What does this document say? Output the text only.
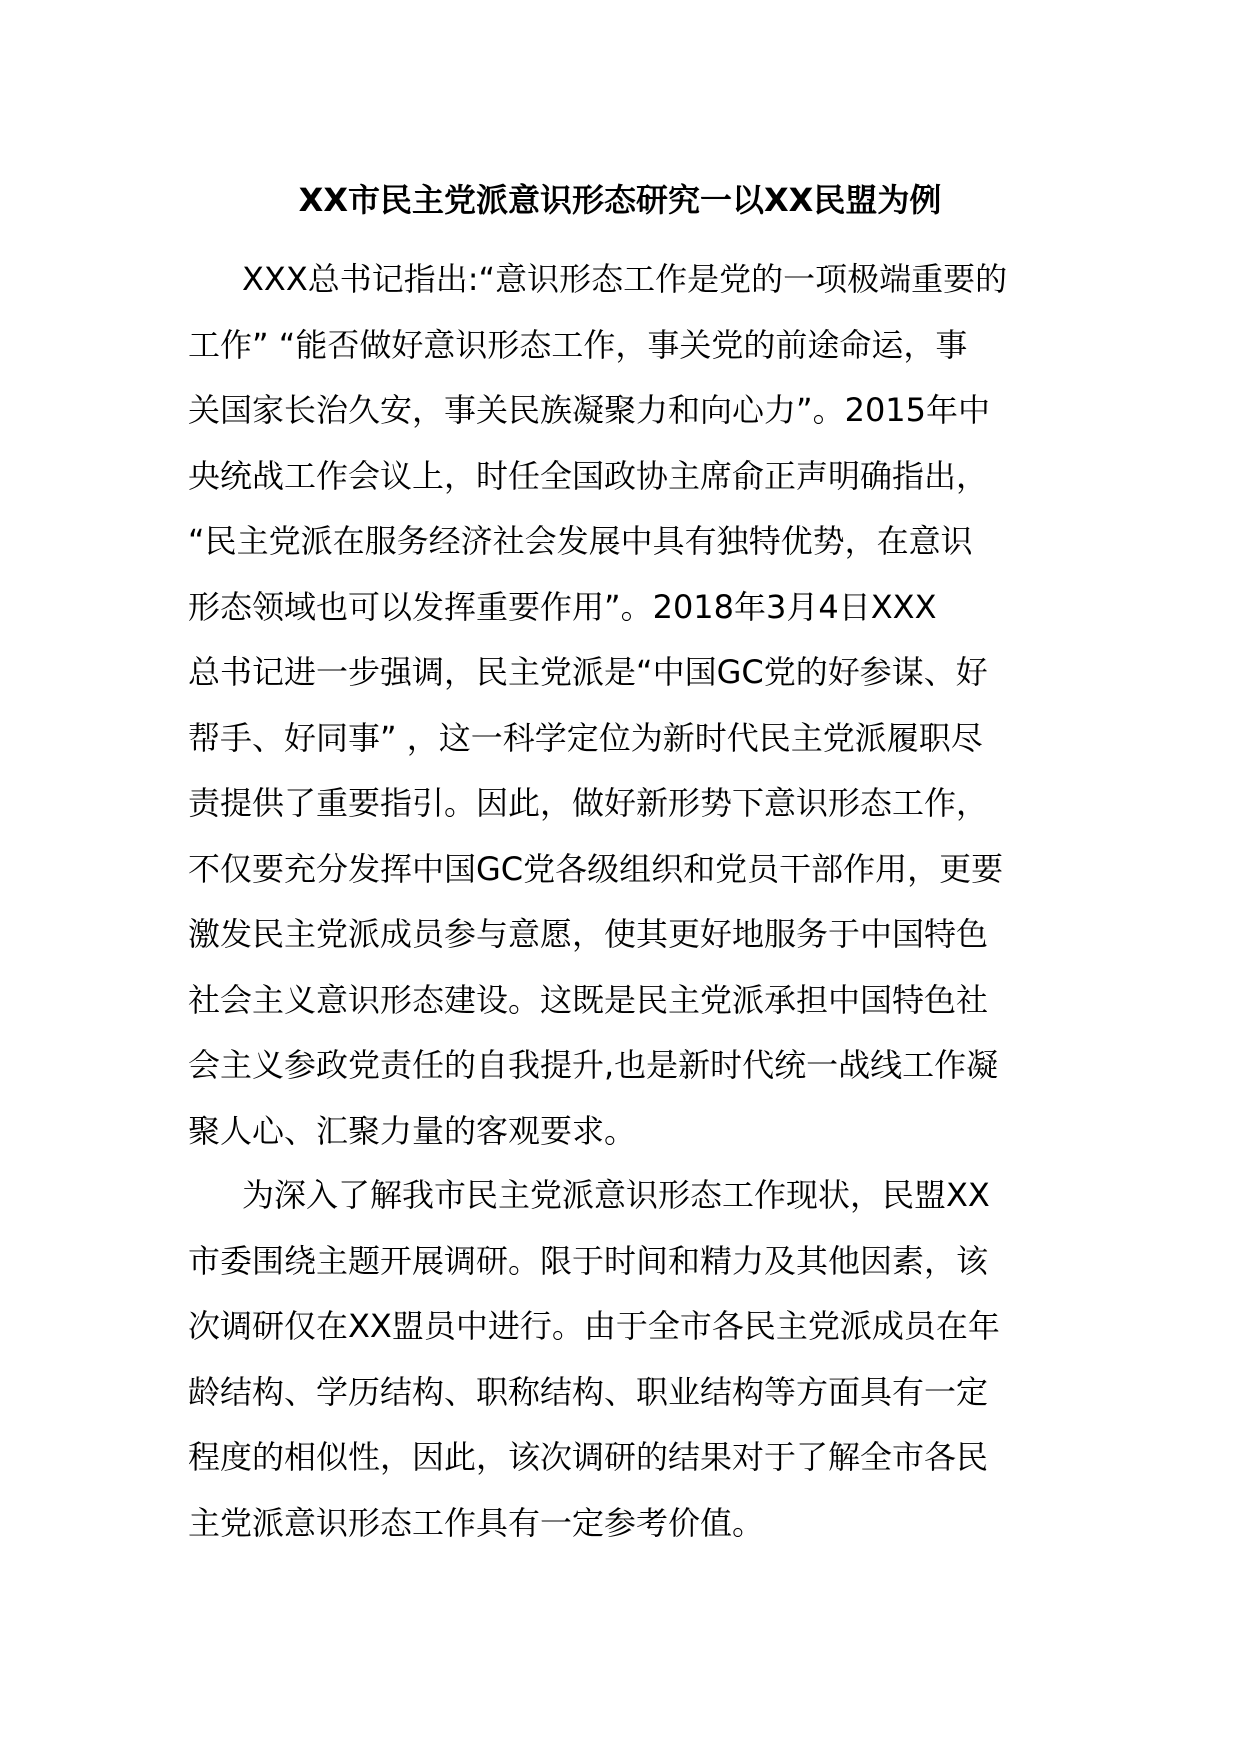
XX市民主党派意识形态研究一以XX民盟为例
XXX总书记指出:“意识形态工作是党的一项极端重要的
工作” “能否做好意识形态工作，事关党的前途命运，事
关国家长治久安，事关民族凝聚力和向心力”。2015年中
央统战工作会议上，时任全国政协主席俞正声明确指出，
“民主党派在服务经济社会发展中具有独特优势，在意识
形态领域也可以发挥重要作用”。2018年3月4日XXX
总书记进一步强调，民主党派是“中国GC党的好参谋、好
帮手、好同事” ，这一科学定位为新时代民主党派履职尽
责提供了重要指引。因此，做好新形势下意识形态工作，
不仅要充分发挥中国GC党各级组织和党员干部作用，更要
激发民主党派成员参与意愿，使其更好地服务于中国特色
社会主义意识形态建设。这既是民主党派承担中国特色社
会主义参政党责任的自我提升,也是新时代统一战线工作凝
聚人心、汇聚力量的客观要求。
为深入了解我市民主党派意识形态工作现状，民盟XX
市委围绕主题开展调研。限于时间和精力及其他因素，该
次调研仅在XX盟员中进行。由于全市各民主党派成员在年
龄结构、学历结构、职称结构、职业结构等方面具有一定
程度的相似性，因此，该次调研的结果对于了解全市各民
主党派意识形态工作具有一定参考价值。
